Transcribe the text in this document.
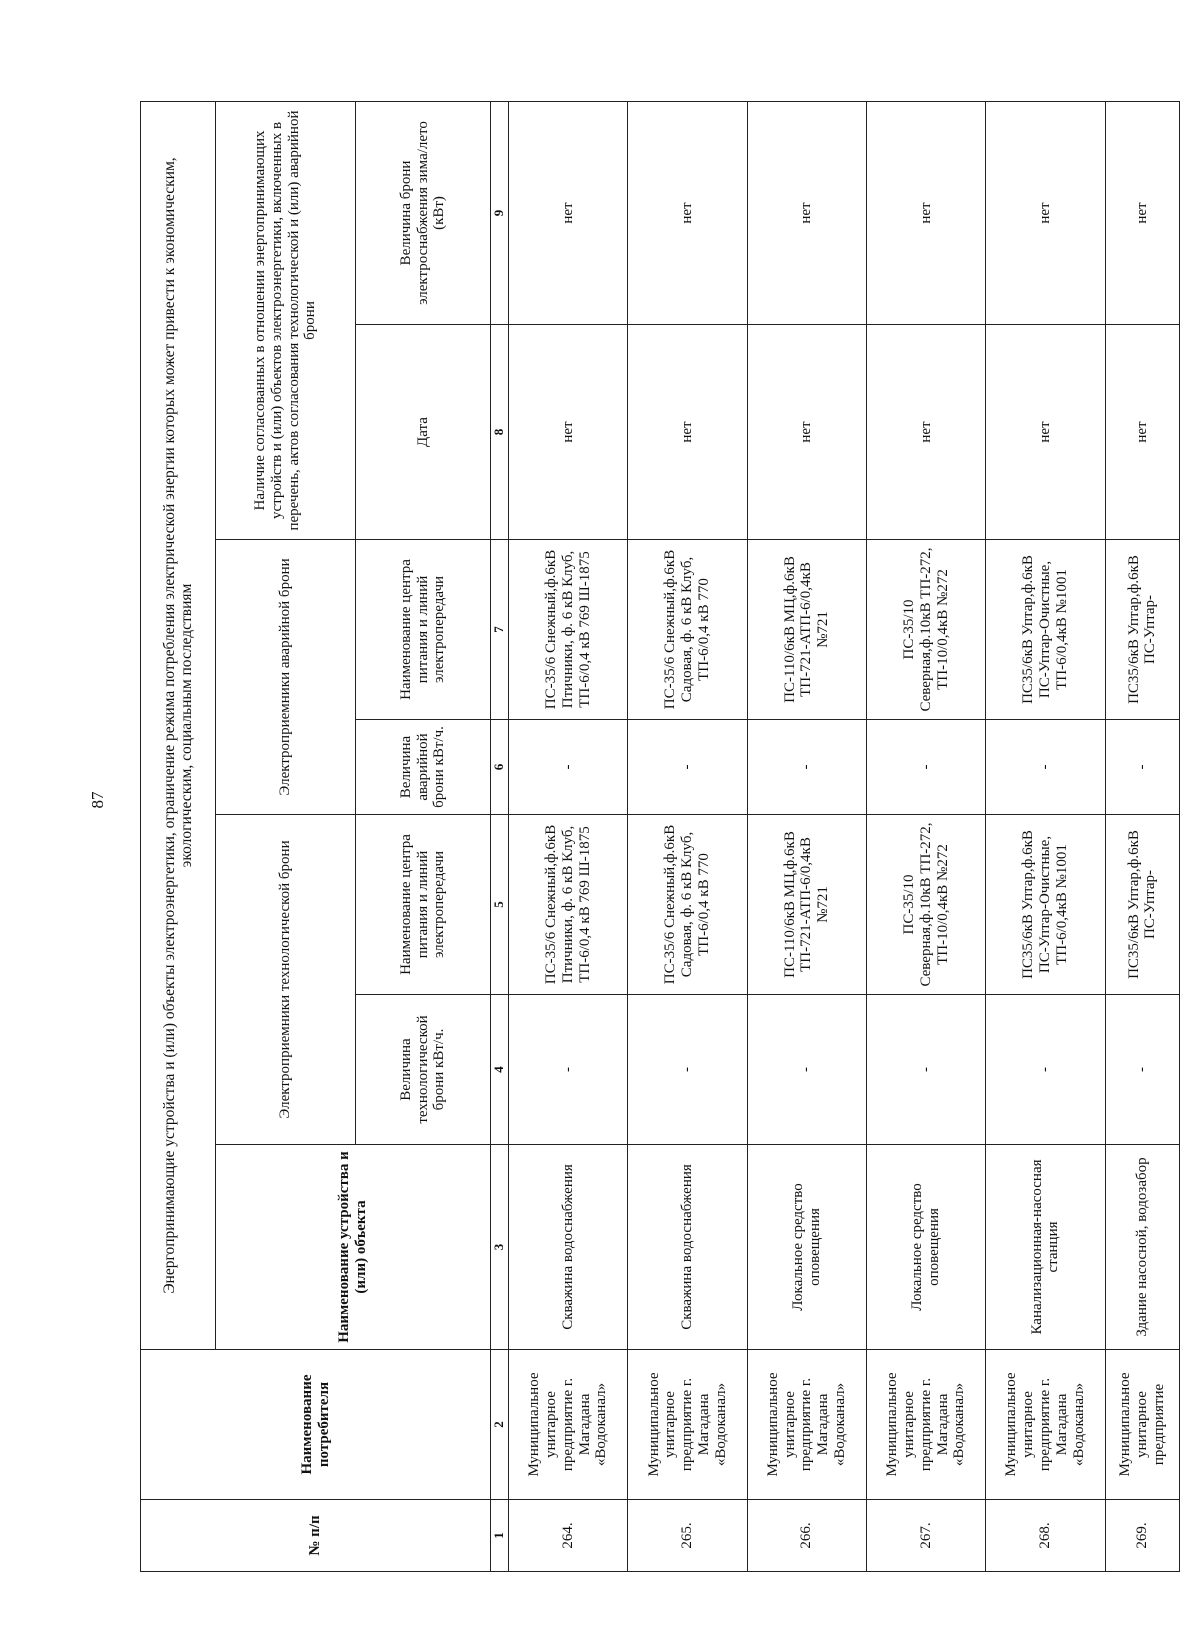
87
№ п/п	Наименование потребителя	Энергопринимающие устройства и (или) объекты электроэнергетики, ограничение режима потребления электрической энергии которых может привести к экономическим, экологическим, социальным последствиям						
		Наименование устройства и (или) объекта	Электроприемники технологической брони		Электроприемники аварийной брони		Наличие согласованных в отношении энергопринимающих устройств и (или) объектов электроэнергетики, включенных в перечень, актов согласования технологической и (или) аварийной брони	
			Величина технологической брони кВт/ч.	Наименование центра питания и линий электропередачи	Величина аварийной брони кВт/ч.	Наименование центра питания и линий электропередачи	Дата	Величина брони электроснабжения зима/лето (кВт)
1	2	3	4	5	6	7	8	9
264.	Муниципальное унитарное предприятие г. Магадана «Водоканал»	Скважина водоснабжения	-	ПС-35/6 Снежный,ф.6кВ Птичники, ф. 6 кВ Клуб, ТП-6/0,4 кВ 769 Ш-1875	-	ПС-35/6 Снежный,ф.6кВ Птичники, ф. 6 кВ Клуб, ТП-6/0,4 кВ 769 Ш-1875	нет	нет
265.	Муниципальное унитарное предприятие г. Магадана «Водоканал»	Скважина водоснабжения	-	ПС-35/6 Снежный,ф.6кВ Садовая, ф. 6 кВ Клуб, ТП-6/0,4 кВ 770	-	ПС-35/6 Снежный,ф.6кВ Садовая, ф. 6 кВ Клуб, ТП-6/0,4 кВ 770	нет	нет
266.	Муниципальное унитарное предприятие г. Магадана «Водоканал»	Локальное средство оповещения	-	ПС-110/6кВ МЦ,ф.6кВ ТП-721-АТП-6/0,4кВ №721	-	ПС-110/6кВ МЦ,ф.6кВ ТП-721-АТП-6/0,4кВ №721	нет	нет
267.	Муниципальное унитарное предприятие г. Магадана «Водоканал»	Локальное средство оповещения	-	ПС-35/10 Северная,ф.10кВ ТП-272, ТП-10/0,4кВ №272	-	ПС-35/10 Северная,ф.10кВ ТП-272, ТП-10/0,4кВ №272	нет	нет
268.	Муниципальное унитарное предприятие г. Магадана «Водоканал»	Канализационная-насосная станция	-	ПС35/6кВ Уптар,ф.6кВ ПС-Уптар-Очистные, ТП-6/0,4кВ №1001	-	ПС35/6кВ Уптар,ф.6кВ ПС-Уптар-Очистные, ТП-6/0,4кВ №1001	нет	нет
269.	Муниципальное унитарное предприятие	Здание насосной, водозабор	-	ПС35/6кВ Уптар,ф.6кВ ПС-Уптар-	-	ПС35/6кВ Уптар,ф.6кВ ПС-Уптар-	нет	нет
